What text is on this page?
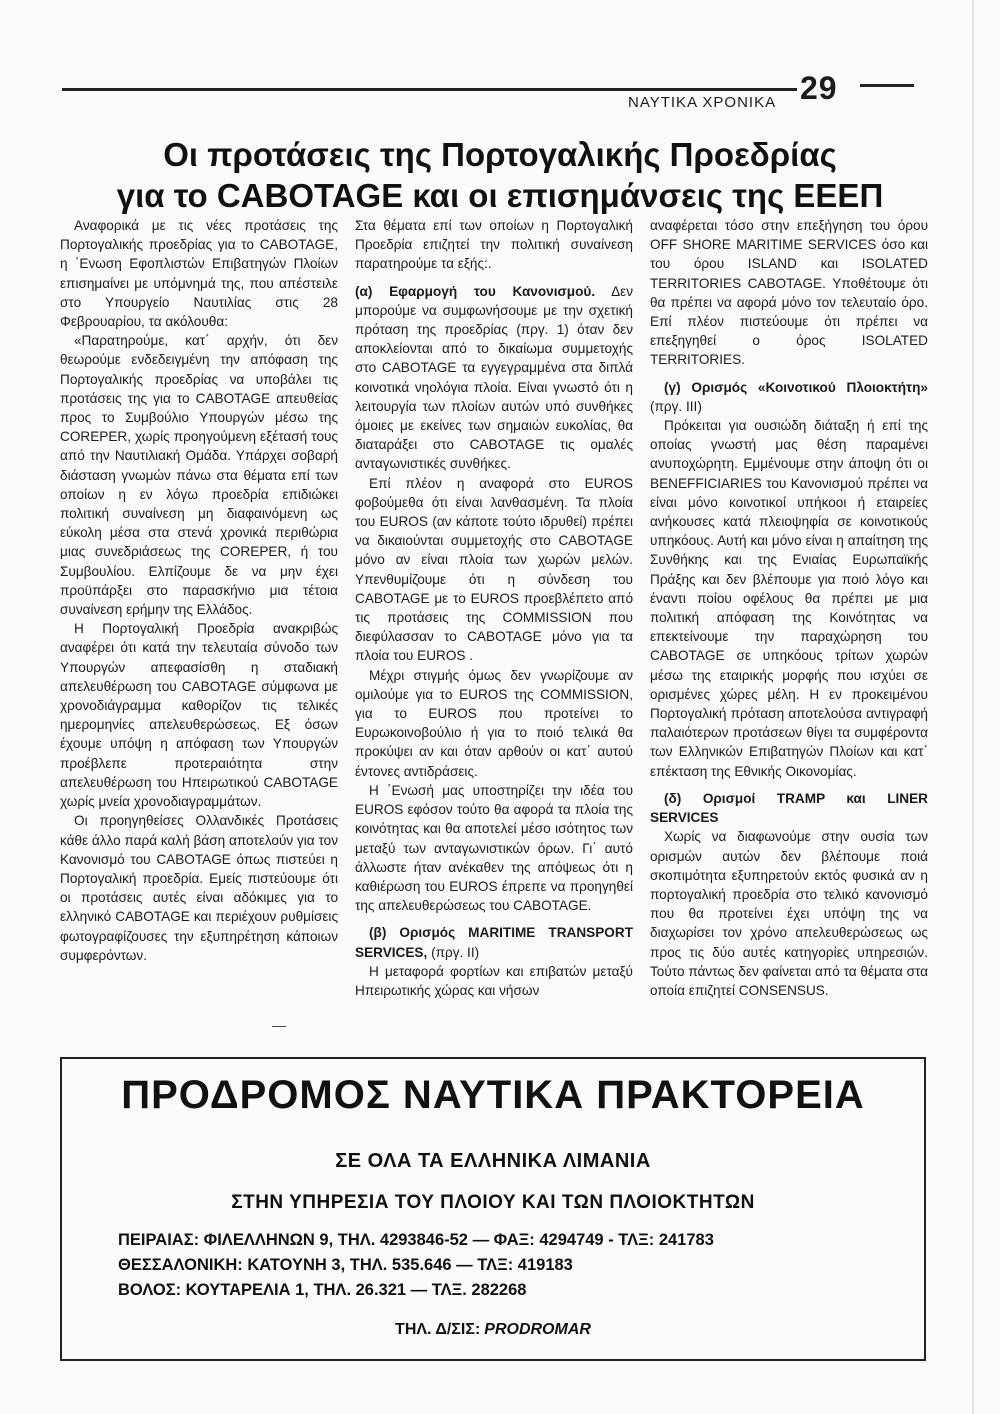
ΝΑΥΤΙΚΑ ΧΡΟΝΙΚΑ 29
Οι προτάσεις της Πορτογαλικής Προεδρίας
για το CABOTAGE και οι επισημάνσεις της ΕΕΕΠ

Αναφορικά με τις νέες προτάσεις της Πορτογαλικής προεδρίας για το CABOTAGE, η ΄Ενωση Εφοπλιστών Επιβατηγών Πλοίων επισημαίνει με υπόμνημά της, που απέστειλε στο Υπουργείο Ναυτιλίας στις 28 Φεβρουαρίου, τα ακόλουθα:

«Παρατηρούμε, κατ΄ αρχήν, ότι δεν θεωρούμε ενδεδειγμένη την απόφαση της Πορτογαλικής προεδρίας να υποβάλει τις προτάσεις της για το CABOTAGE απευθείας προς το Συμβούλιο Υπουργών μέσω της COREPER, χωρίς προηγούμενη εξέτασή τους από την Ναυτιλιακή Ομάδα. Υπάρχει σοβαρή διάσταση γνωμών πάνω στα θέματα επί των οποίων η εν λόγω προεδρία επιδιώκει πολιτική συναίνεση μη διαφαινόμενη ως εύκολη μέσα στα στενά χρονικά περιθώρια μιας συνεδριάσεως της COREPER, ή του Συμβουλίου. Ελπίζουμε δε να μην έχει προϋπάρξει στο παρασκήνιο μια τέτοια συναίνεση ερήμην της Ελλάδος.

Η Πορτογαλική Προεδρία ανακριβώς αναφέρει ότι κατά την τελευταία σύνοδο των Υπουργών απεφασίσθη η σταδιακή απελευθέρωση του CABOTAGE σύμφωνα με χρονοδιάγραμμα καθορίζον τις τελικές ημερομηνίες απελευθερώσεως. Εξ όσων έχουμε υπόψη η απόφαση των Υπουργών προέβλεπε προτεραιότητα στην απελευθέρωση του Ηπειρωτικού CABOTAGE χωρίς μνεία χρονοδιαγραμμάτων.

Οι προηγηθείσες Ολλανδικές Προτάσεις κάθε άλλο παρά καλή βάση αποτελούν για τον Κανονισμό του CABOTAGE όπως πιστεύει η Πορτογαλική προεδρία. Εμείς πιστεύουμε ότι οι προτάσεις αυτές είναι αδόκιμες για το ελληνικό CABOTAGE και περιέχουν ρυθμίσεις φωτογραφίζουσες την εξυπηρέτηση κάποιων συμφερόντων.

Στα θέματα επί των οποίων η Πορτογαλική Προεδρία επιζητεί την πολιτική συναίνεση παρατηρούμε τα εξής:.

(α) Εφαρμογή του Κανονισμού. Δεν μπορούμε να συμφωνήσουμε με την σχετική πρόταση της προεδρίας (πργ. 1) όταν δεν αποκλείονται από το δικαίωμα συμμετοχής στο CABOTAGE τα εγγεγραμμένα στα διπλά κοινοτικά νηολόγια πλοία. Είναι γνωστό ότι η λειτουργία των πλοίων αυτών υπό συνθήκες όμοιες με εκείνες των σημαιών ευκολίας, θα διαταράξει στο CABOTAGE τις ομαλές ανταγωνιστικές συνθήκες.

Επί πλέον η αναφορά στο EUROS φοβούμεθα ότι είναι λανθασμένη. Τα πλοία του EUROS (αν κάποτε τούτο ιδρυθεί) πρέπει να δικαιούνται συμμετοχής στο CABOTAGE μόνο αν είναι πλοία των χωρών μελών. Υπενθυμίζουμε ότι η σύνδεση του CABOTAGE με το EUROS προεβλέπετο από τις προτάσεις της COMMISSION που διεφύλασσαν το CABOTAGE μόνο για τα πλοία του EUROS .

Μέχρι στιγμής όμως δεν γνωρίζουμε αν ομιλούμε για το EUROS της COMMISSION, για το EUROS που προτείνει το Ευρωκοινοβούλιο ή για το ποιό τελικά θα προκύψει αν και όταν αρθούν οι κατ΄ αυτού έντονες αντιδράσεις.

Η ΄Ενωσή μας υποστηρίζει την ιδέα του EUROS εφόσον τούτο θα αφορά τα πλοία της κοινότητας και θα αποτελεί μέσο ισότητος των μεταξύ των ανταγωνιστικών όρων. Γι΄ αυτό άλλωστε ήταν ανέκαθεν της απόψεως ότι η καθιέρωση του EUROS έπρεπε να προηγηθεί της απελευθερώσεως του CABOTAGE.

(β) Ορισμός MARITIME TRANSPORT SERVICES, (πργ. ΙΙ)

Η μεταφορά φορτίων και επιβατών μεταξύ Ηπειρωτικής χώρας και νήσων

αναφέρεται τόσο στην επεξήγηση του όρου OFF SHORE MARITIME SERVICES όσο και του όρου ISLAND και ISOLATED TERRITORIES CABOTAGE. Υποθέτουμε ότι θα πρέπει να αφορά μόνο τον τελευταίο όρο. Επί πλέον πιστεύουμε ότι πρέπει να επεξηγηθεί ο όρος ISOLATED TERRITORIES.

(γ) Ορισμός «Κοινοτικού Πλοιοκτήτη» (πργ. ΙΙΙ)

Πρόκειται για ουσιώδη διάταξη ή επί της οποίας γνωστή μας θέση παραμένει ανυποχώρητη. Εμμένουμε στην άποψη ότι οι BENEFFICIARIES του Κανονισμού πρέπει να είναι μόνο κοινοτικοί υπήκοοι ή εταιρείες ανήκουσες κατά πλειοψηφία σε κοινοτικούς υπηκόους. Αυτή και μόνο είναι η απαίτηση της Συνθήκης και της Ενιαίας Ευρωπαϊκής Πράξης και δεν βλέπουμε για ποιό λόγο και έναντι ποίου οφέλους θα πρέπει με μια πολιτική απόφαση της Κοινότητας να επεκτείνουμε την παραχώρηση του CABOTAGE σε υπηκόους τρίτων χωρών μέσω της εταιρικής μορφής που ισχύει σε ορισμένες χώρες μέλη. Η εν προκειμένου Πορτογαλική πρόταση αποτελούσα αντιγραφή παλαιότερων προτάσεων θίγει τα συμφέροντα των Ελληνικών Επιβατηγών Πλοίων και κατ΄ επέκταση της Εθνικής Οικονομίας.

(δ) Ορισμοί TRAMP και LINER SERVICES

Χωρίς να διαφωνούμε στην ουσία των ορισμών αυτών δεν βλέπουμε ποιά σκοπιμότητα εξυπηρετούν εκτός φυσικά αν η πορτογαλική προεδρία στο τελικό κανονισμό που θα προτείνει έχει υπόψη της να διαχωρίσει τον χρόνο απελευθερώσεως ως προς τις δύο αυτές κατηγορίες υπηρεσιών. Τούτο πάντως δεν φαίνεται από τα θέματα στα οποία επιζητεί CONSENSUS.

ΠΡΟΔΡΟΜΟΣ ΝΑΥΤΙΚΑ ΠΡΑΚΤΟΡΕΙΑ
ΣΕ ΟΛΑ ΤΑ ΕΛΛΗΝΙΚΑ ΛΙΜΑΝΙΑ
ΣΤΗΝ ΥΠΗΡΕΣΙΑ ΤΟΥ ΠΛΟΙΟΥ ΚΑΙ ΤΩΝ ΠΛΟΙΟΚΤΗΤΩΝ
ΠΕΙΡΑΙΑΣ: ΦΙΛΕΛΛΗΝΩΝ 9, ΤΗΛ. 4293846-52 — ΦΑΞ: 4294749 - ΤΛΞ: 241783
ΘΕΣΣΑΛΟΝΙΚΗ: ΚΑΤΟΥΝΗ 3, ΤΗΛ. 535.646 — ΤΛΞ: 419183
ΒΟΛΟΣ: ΚΟΥΤΑΡΕΛΙΑ 1, ΤΗΛ. 26.321 — ΤΛΞ. 282268
ΤΗΛ. Δ/ΣΙΣ: PRODROMAR
